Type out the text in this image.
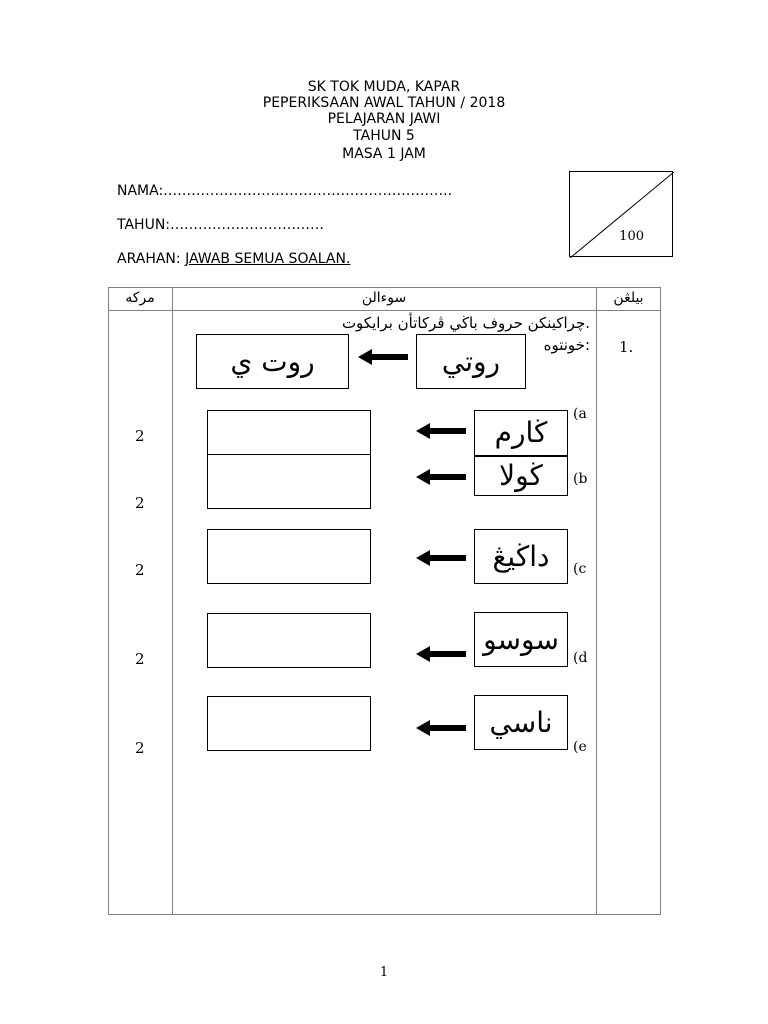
SK TOK MUDA, KAPAR
PEPERIKSAAN AWAL TAHUN / 2018
PELAJARAN JAWI
TAHUN 5
MASA 1 JAM
NAMA:……………………………………………………..
TAHUN:……………………………
ARAHAN: JAWAB SEMUA SOALAN.
100
مركه	سوءالن	بيلڠن
.1
.چراکينکن حروف باڬي ڤرکاتأن برايکوت
:خونتوه
روت ي	روتي
ڬارم
(a
2
ڬولا	(b
2
داڬيڠ	(c
2
سوسو
(d
2
ناسي
(e
2
1
